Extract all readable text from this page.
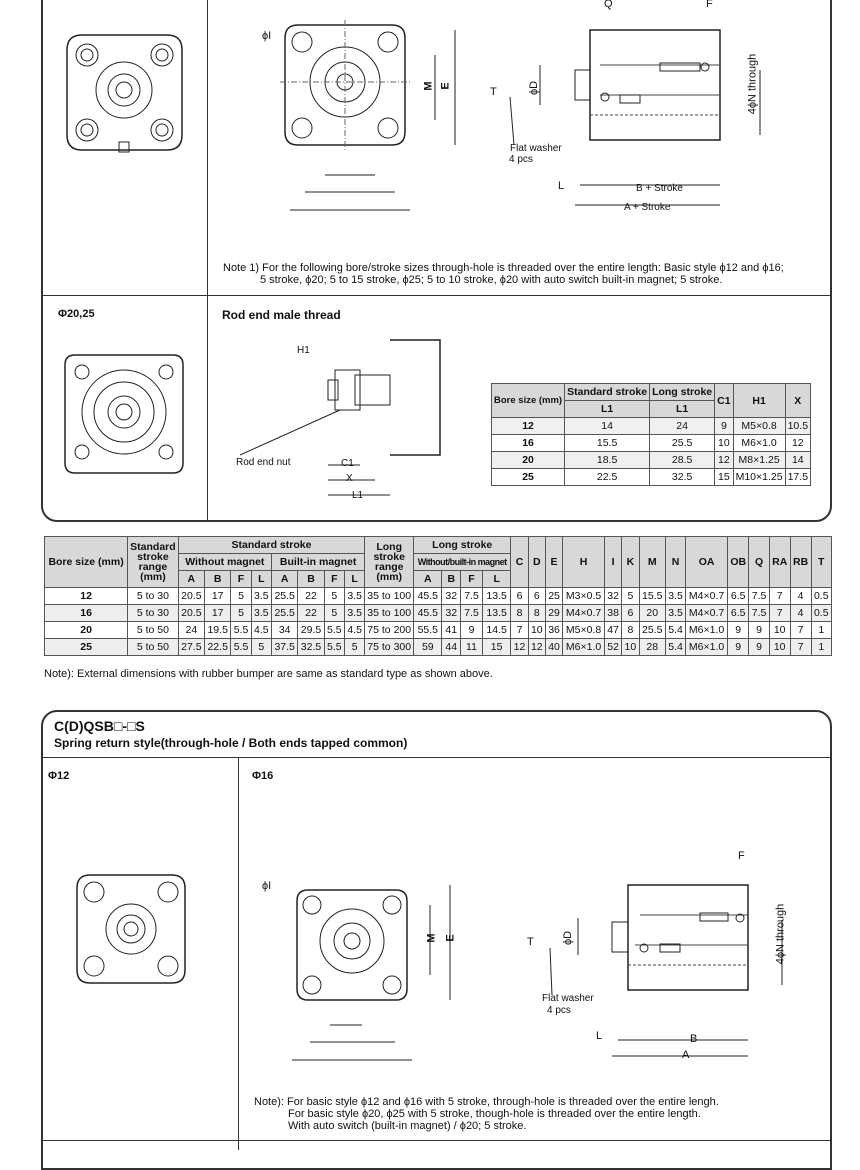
ϕI
M E
Q	F
T	ϕD	4ϕN through
Flat washer
4 pcs
L	B + Stroke
A + Stroke
Note 1) For the following bore/stroke sizes through-hole is threaded over the entire length: Basic style ϕ12 and ϕ16;
5 stroke, ϕ20; 5 to 15 stroke, ϕ25; 5 to 10 stroke, ϕ20 with auto switch built-in magnet; 5 stroke.
Φ20,25	Rod end male thread
H1
Rod end nut	C1
X
L1
Bore size (mm)	Standard stroke	Long stroke	C1	H1	X
	L1	L1			
12	14	24	9	M5×0.8	10.5
16	15.5	25.5	10	M6×1.0	12
20	18.5	28.5	12	M8×1.25	14
25	22.5	32.5	15	M10×1.25	17.5
Bore size (mm)	Standard stroke range (mm)	Standard stroke								Long stroke range (mm)	Long stroke				C	D	E	H	I	K	M	N	OA	OB	Q	RA	RB	T
		Without magnet				Built-in magnet					Without/built-in magnet																	
		A	B	F	L	A	B	F	L		A	B	F	L														
12	5 to 30	20.5	17	5	3.5	25.5	22	5	3.5	35 to 100	45.5	32	7.5	13.5	6	6	25	M3×0.5	32	5	15.5	3.5	M4×0.7	6.5	7.5	7	4	0.5
16	5 to 30	20.5	17	5	3.5	25.5	22	5	3.5	35 to 100	45.5	32	7.5	13.5	8	8	29	M4×0.7	38	6	20	3.5	M4×0.7	6.5	7.5	7	4	0.5
20	5 to 50	24	19.5	5.5	4.5	34	29.5	5.5	4.5	75 to 200	55.5	41	9	14.5	7	10	36	M5×0.8	47	8	25.5	5.4	M6×1.0	9	9	10	7	1
25	5 to 50	27.5	22.5	5.5	5	37.5	32.5	5.5	5	75 to 300	59	44	11	15	12	12	40	M6×1.0	52	10	28	5.4	M6×1.0	9	9	10	7	1
Note): External dimensions with rubber bumper are same as standard type as shown above.
C(D)QSB□-□S
Spring return style(through-hole / Both ends tapped common)
Φ12	Φ16
ϕI
M E
F
T	ϕD	4ϕN through
Flat washer
4 pcs
L	B
A
Note): For basic style ϕ12 and ϕ16 with 5 stroke, through-hole is threaded over the entire lengh.
For basic style ϕ20, ϕ25 with 5 stroke, though-hole is threaded over the entire length.
With auto switch (built-in magnet) / ϕ20; 5 stroke.
